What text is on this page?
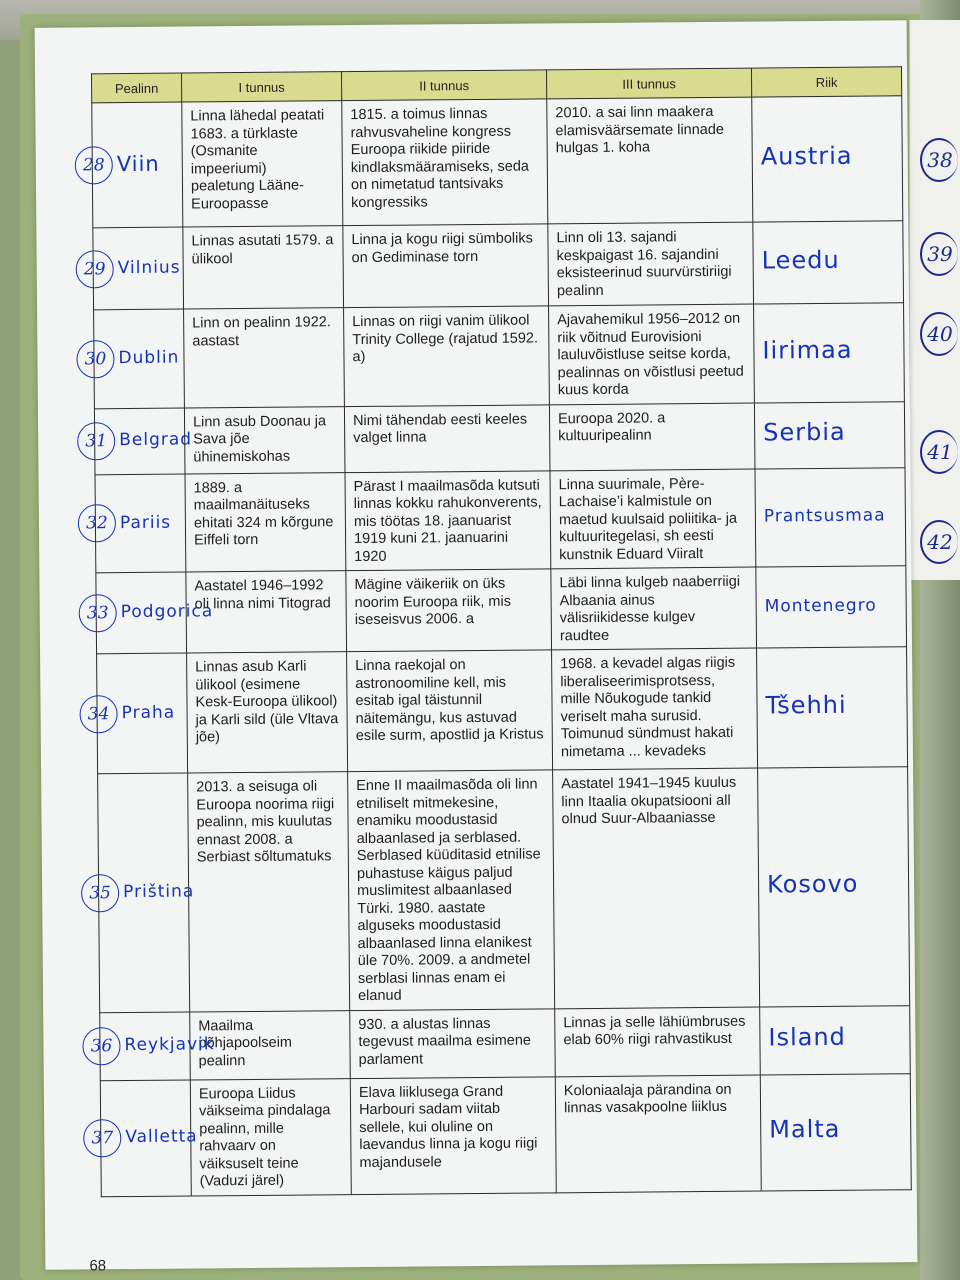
38
39
40
41
42
Pealinn	I tunnus	II tunnus	III tunnus	Riik

28 Viin	Linna lähedal peatati 1683. a türklaste (Osmanite impeeriumi) pealetung Lääne-Euroopasse	1815. a toimus linnas rahvusvaheline kongress Euroopa riikide piiride kindlaksmääramiseks, seda on nimetatud tantsivaks kongressiks	2010. a sai linn maakera elamisväärsemate linnade hulgas 1. koha	Austria

29 Vilnius	Linnas asutati 1579. a ülikool	Linna ja kogu riigi sümboliks on Gediminase torn	Linn oli 13. sajandi keskpaigast 16. sajandini eksisteerinud suurvürstiriigi pealinn	Leedu

30 Dublin	Linn on pealinn 1922. aastast	Linnas on riigi vanim ülikool Trinity College (rajatud 1592. a)	Ajavahemikul 1956–2012 on riik võitnud Eurovisioni lauluvõistluse seitse korda, pealinnas on võistlusi peetud kuus korda	Iirimaa

31 Belgrad	Linn asub Doonau ja Sava jõe ühinemiskohas	Nimi tähendab eesti keeles valget linna	Euroopa 2020. a kultuuripealinn	Serbia

32 Pariis	1889. a maailmanäituseks ehitati 324 m kõrgune Eiffeli torn	Pärast I maailmasõda kutsuti linnas kokku rahukonverents, mis töötas 18. jaanuarist 1919 kuni 21. jaanuarini 1920	Linna suurimale, Père-Lachaise’i kalmistule on maetud kuulsaid poliitika- ja kultuuritegelasi, sh eesti kunstnik Eduard Viiralt	Prantsusmaa

33 Podgorica	Aastatel 1946–1992 oli linna nimi Titograd	Mägine väikeriik on üks noorim Euroopa riik, mis iseseisvus 2006. a	Läbi linna kulgeb naaberriigi Albaania ainus välisriikidesse kulgev raudtee	Montenegro

34 Praha	Linnas asub Karli ülikool (esimene Kesk-Euroopa ülikool) ja Karli sild (üle Vltava jõe)	Linna raekojal on astronoomiline kell, mis esitab igal täistunnil näitemängu, kus astuvad esile surm, apostlid ja Kristus	1968. a kevadel algas riigis liberaliseerimisprotsess, mille Nõukogude tankid veriselt maha surusid. Toimunud sündmust hakati nimetama ... kevadeks	Tšehhi

35 Priština	2013. a seisuga oli Euroopa noorima riigi pealinn, mis kuulutas ennast 2008. a Serbiast sõltumatuks	Enne II maailmasõda oli linn etniliselt mitmekesine, enamiku moodustasid albaanlased ja serblased. Serblased küüditasid etnilise puhastuse käigus paljud muslimitest albaanlased Türki. 1980. aastate alguseks moodustasid albaanlased linna elanikest üle 70%. 2009. a andmetel serblasi linnas enam ei elanud	Aastatel 1941–1945 kuulus linn Itaalia okupatsiooni all olnud Suur-Albaaniasse	Kosovo

36 Reykjavik	Maailma põhjapoolseim pealinn	930. a alustas linnas tegevust maailma esimene parlament	Linnas ja selle lähiümbruses elab 60% riigi rahvastikust	Island

37 Valletta	Euroopa Liidus väikseima pindalaga pealinn, mille rahvaarv on väiksuselt teine (Vaduzi järel)	Elava liiklusega Grand Harbouri sadam viitab sellele, kui oluline on laevandus linna ja kogu riigi majandusele	Koloniaalaja pärandina on linnas vasakpoolne liiklus	Malta
68
